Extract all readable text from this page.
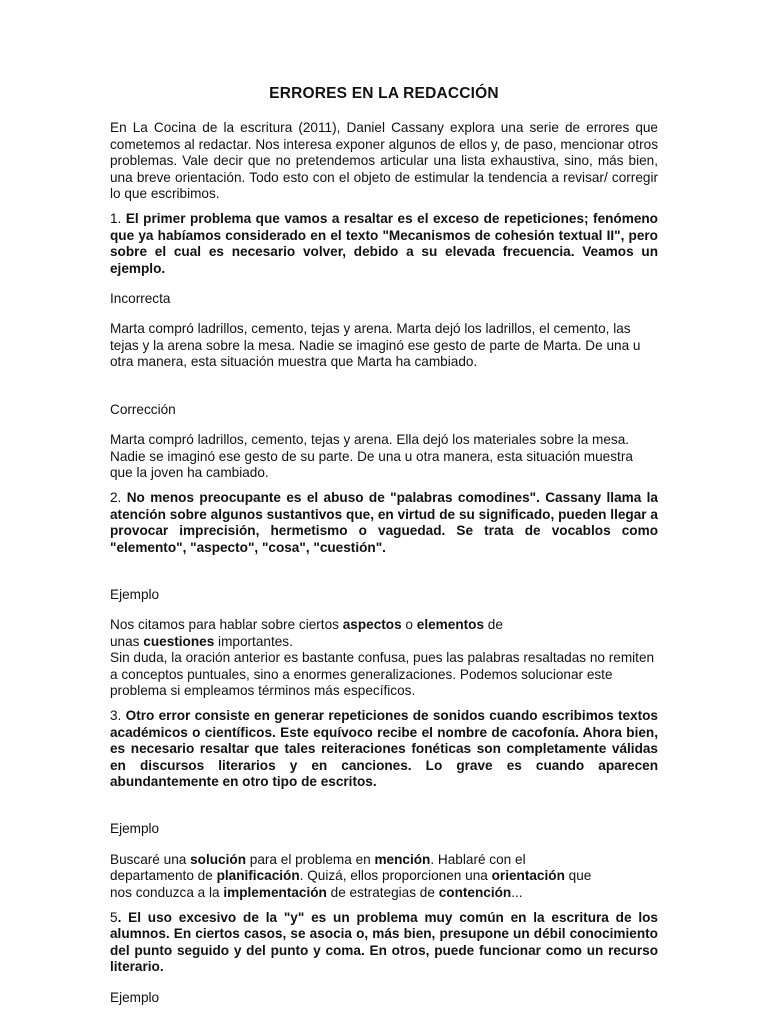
ERRORES EN LA REDACCIÓN

En La Cocina de la escritura (2011), Daniel Cassany explora una serie de errores que cometemos al redactar. Nos interesa exponer algunos de ellos y, de paso, mencionar otros problemas. Vale decir que no pretendemos articular una lista exhaustiva, sino, más bien, una breve orientación. Todo esto con el objeto de estimular la tendencia a revisar/ corregir lo que escribimos.

1. El primer problema que vamos a resaltar es el exceso de repeticiones; fenómeno que ya habíamos considerado en el texto "Mecanismos de cohesión textual II", pero sobre el cual es necesario volver, debido a su elevada frecuencia. Veamos un ejemplo.

Incorrecta

Marta compró ladrillos, cemento, tejas y arena. Marta dejó los ladrillos, el cemento, las tejas y la arena sobre la mesa. Nadie se imaginó ese gesto de parte de Marta. De una u otra manera, esta situación muestra que Marta ha cambiado.

Corrección

Marta compró ladrillos, cemento, tejas y arena. Ella dejó los materiales sobre la mesa. Nadie se imaginó ese gesto de su parte. De una u otra manera, esta situación muestra que la joven ha cambiado.

2. No menos preocupante es el abuso de "palabras comodines". Cassany llama la atención sobre algunos sustantivos que, en virtud de su significado, pueden llegar a provocar imprecisión, hermetismo o vaguedad. Se trata de vocablos como "elemento", "aspecto", "cosa", "cuestión".

Ejemplo

Nos citamos para hablar sobre ciertos aspectos o elementos de
unas cuestiones importantes.

Sin duda, la oración anterior es bastante confusa, pues las palabras resaltadas no remiten a conceptos puntuales, sino a enormes generalizaciones. Podemos solucionar este problema si empleamos términos más específicos.

3. Otro error consiste en generar repeticiones de sonidos cuando escribimos textos académicos o científicos. Este equívoco recibe el nombre de cacofonía. Ahora bien, es necesario resaltar que tales reiteraciones fonéticas son completamente válidas en discursos literarios y en canciones. Lo grave es cuando aparecen abundantemente en otro tipo de escritos.

Ejemplo

Buscaré una solución para el problema en mención. Hablaré con el
departamento de planificación. Quizá, ellos proporcionen una orientación que
nos conduzca a la implementación de estrategias de contención...

5. El uso excesivo de la "y" es un problema muy común en la escritura de los alumnos. En ciertos casos, se asocia o, más bien, presupone un débil conocimiento del punto seguido y del punto y coma. En otros, puede funcionar como un recurso literario.

Ejemplo
